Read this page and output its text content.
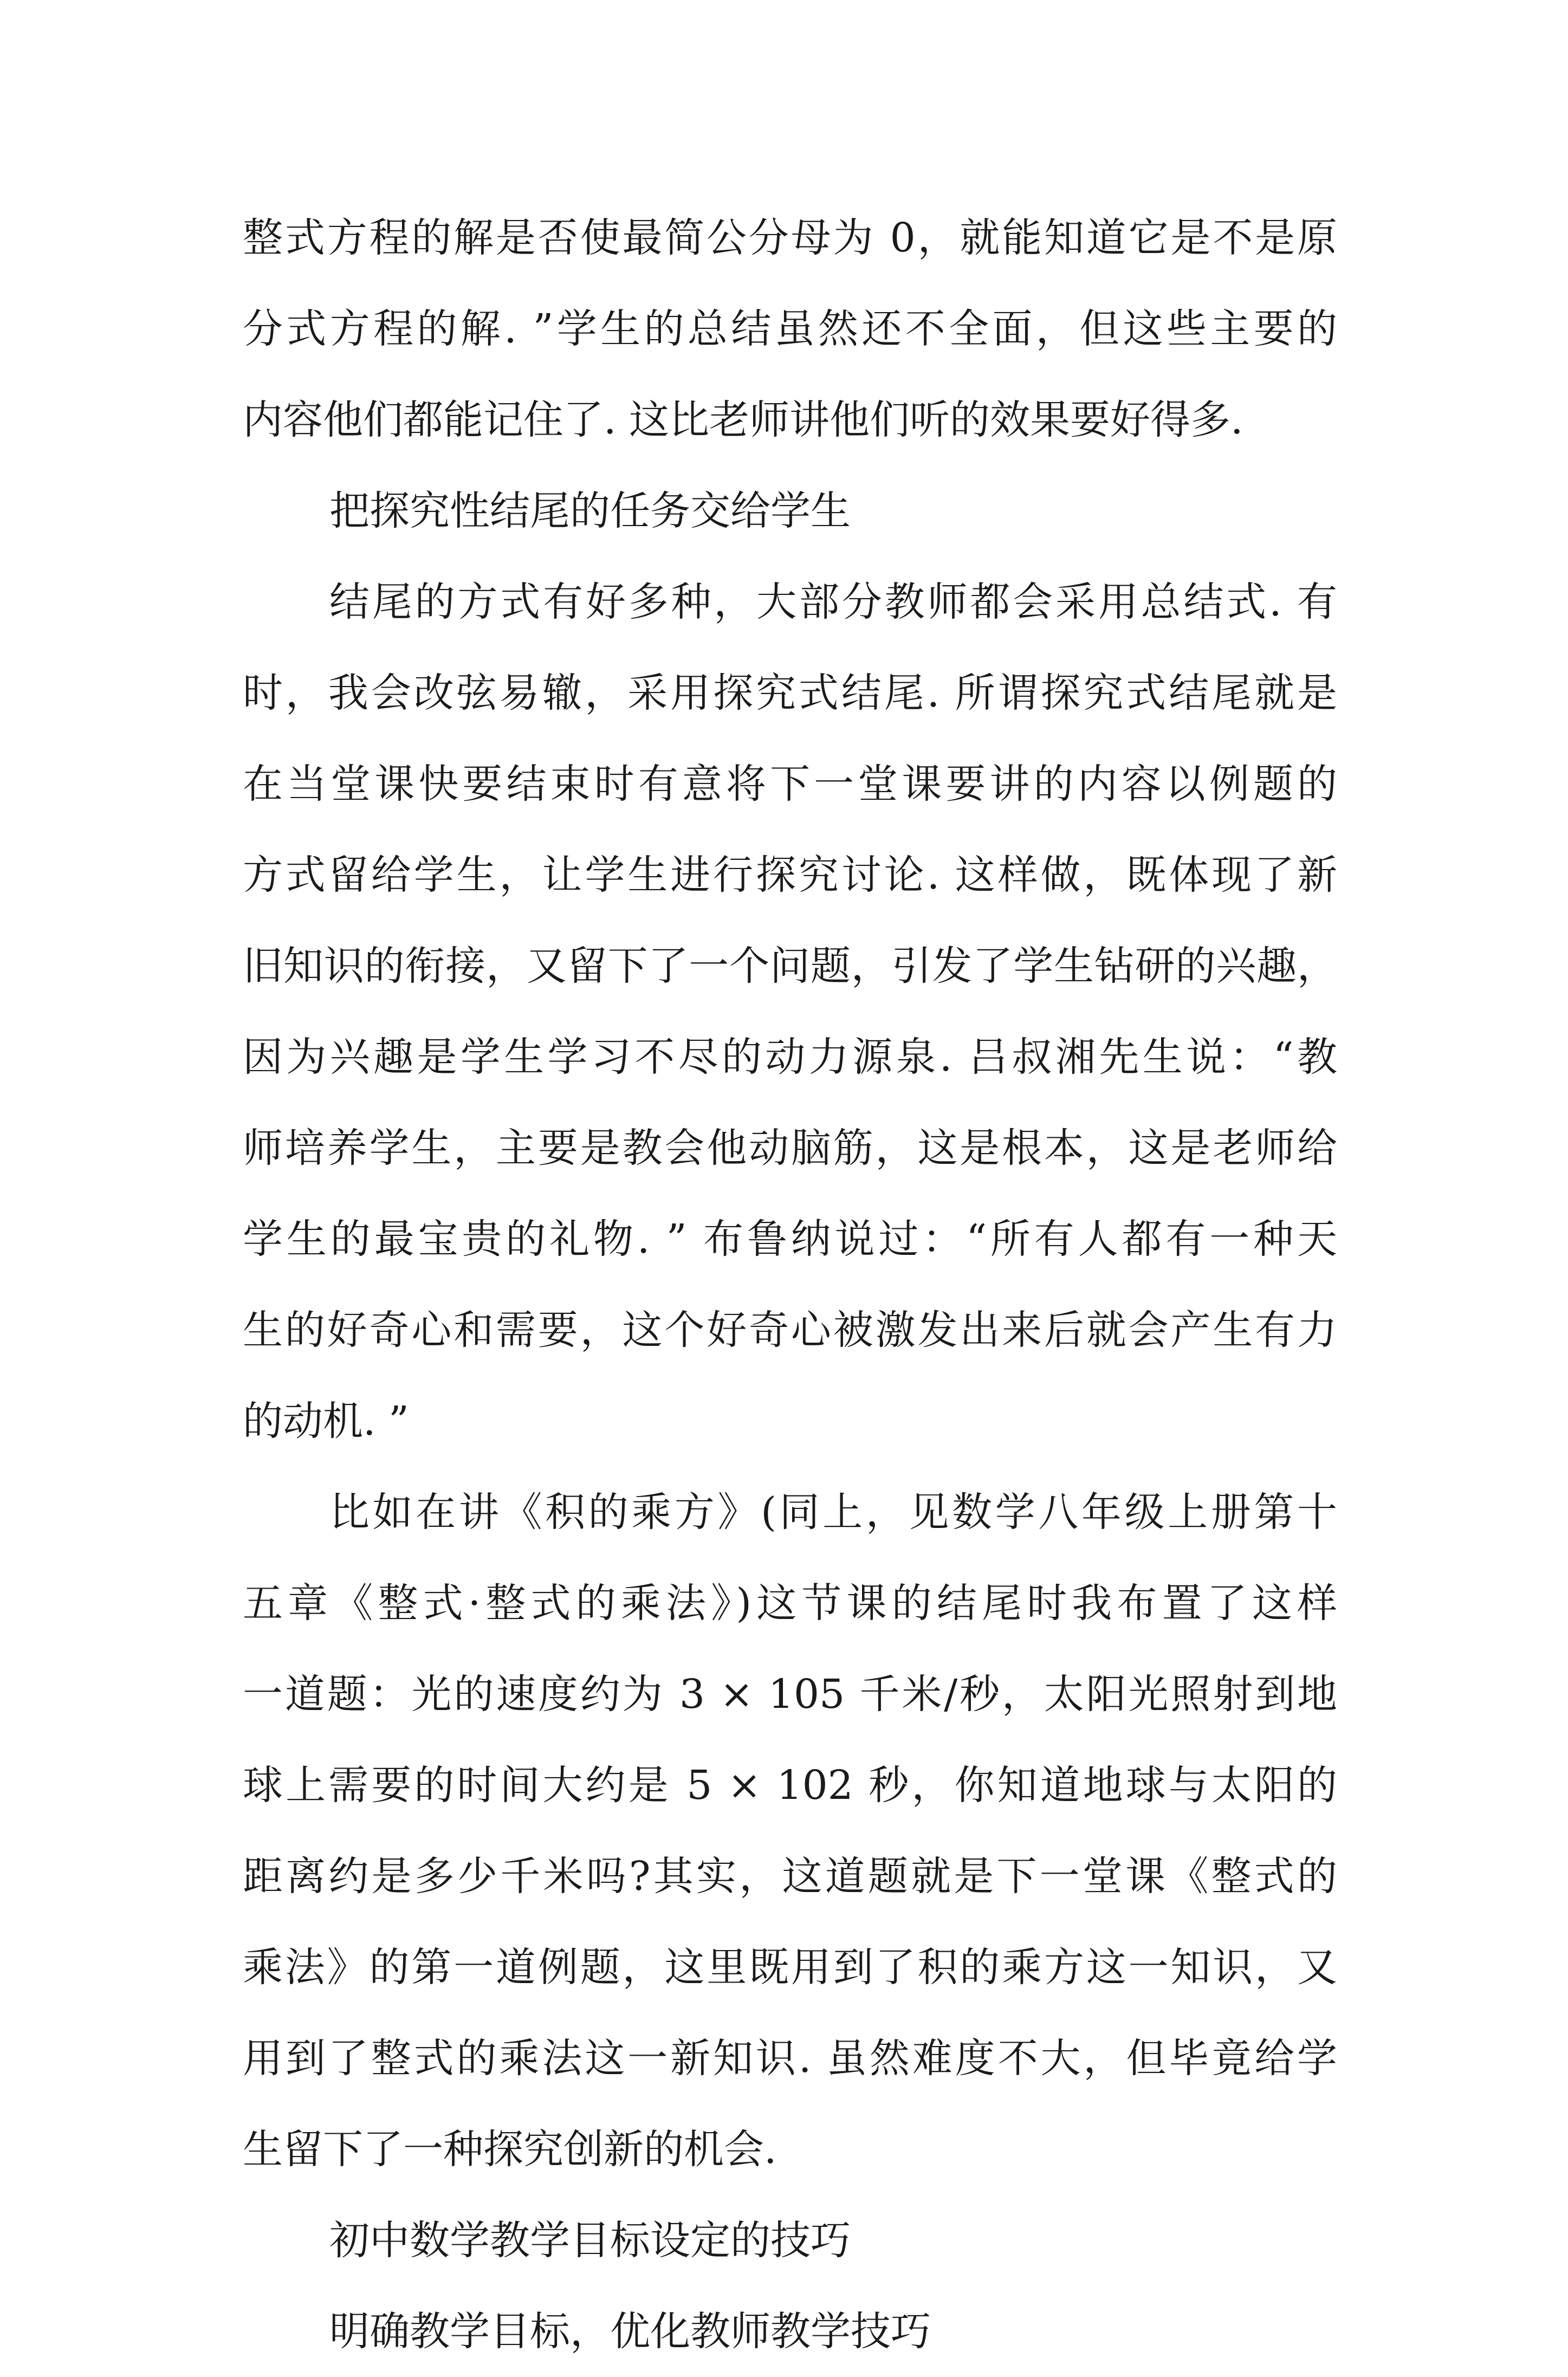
整式方程的解是否使最简公分母为 0，就能知道它是不是原
分式方程的解. ”学生的总结虽然还不全面，但这些主要的
内容他们都能记住了. 这比老师讲他们听的效果要好得多.
把探究性结尾的任务交给学生
结尾的方式有好多种，大部分教师都会采用总结式. 有
时，我会改弦易辙，采用探究式结尾. 所谓探究式结尾就是
在当堂课快要结束时有意将下一堂课要讲的内容以例题的
方式留给学生，让学生进行探究讨论. 这样做，既体现了新
旧知识的衔接，又留下了一个问题，引发了学生钻研的兴趣，
因为兴趣是学生学习不尽的动力源泉. 吕叔湘先生说：“教
师培养学生，主要是教会他动脑筋，这是根本，这是老师给
学生的最宝贵的礼物. ” 布鲁纳说过：“所有人都有一种天
生的好奇心和需要，这个好奇心被激发出来后就会产生有力
的动机. ”
比如在讲《积的乘方》(同上，见数学八年级上册第十
五章《整式·整式的乘法》)这节课的结尾时我布置了这样
一道题：光的速度约为 3 × 105 千米/秒，太阳光照射到地
球上需要的时间大约是 5 × 102 秒，你知道地球与太阳的
距离约是多少千米吗?其实，这道题就是下一堂课《整式的
乘法》的第一道例题，这里既用到了积的乘方这一知识，又
用到了整式的乘法这一新知识. 虽然难度不大，但毕竟给学
生留下了一种探究创新的机会.
初中数学教学目标设定的技巧
明确教学目标，优化教师教学技巧
